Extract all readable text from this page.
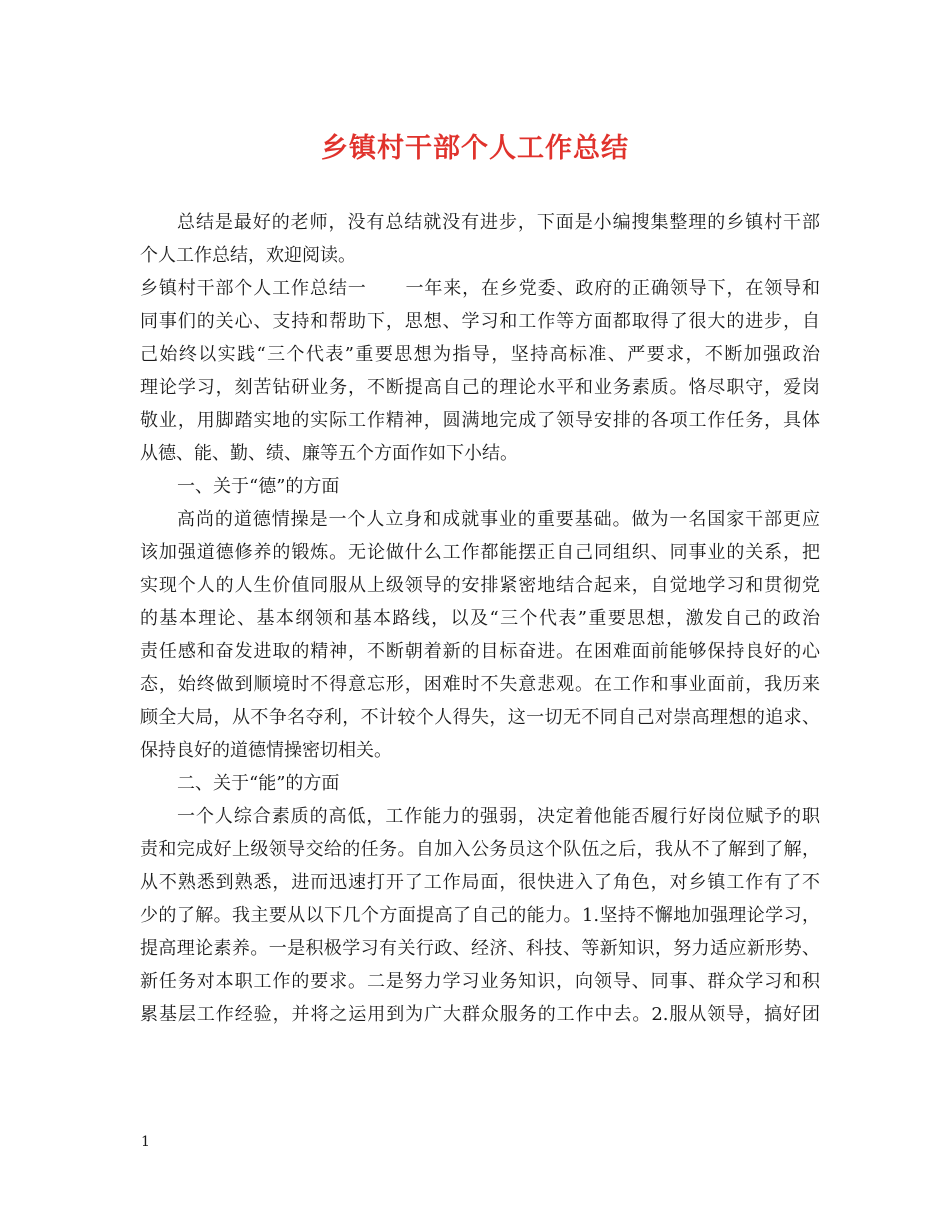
乡镇村干部个人工作总结
总结是最好的老师，没有总结就没有进步，下面是小编搜集整理的乡镇村干部
个人工作总结，欢迎阅读。
乡镇村干部个人工作总结一 一年来，在乡党委、政府的正确领导下，在领导和
同事们的关心、支持和帮助下，思想、学习和工作等方面都取得了很大的进步，自
己始终以实践“三个代表”重要思想为指导，坚持高标准、严要求，不断加强政治
理论学习，刻苦钻研业务，不断提高自己的理论水平和业务素质。恪尽职守，爱岗
敬业，用脚踏实地的实际工作精神，圆满地完成了领导安排的各项工作任务，具体
从德、能、勤、绩、廉等五个方面作如下小结。
一、关于“德”的方面
高尚的道德情操是一个人立身和成就事业的重要基础。做为一名国家干部更应
该加强道德修养的锻炼。无论做什么工作都能摆正自己同组织、同事业的关系，把
实现个人的人生价值同服从上级领导的安排紧密地结合起来，自觉地学习和贯彻党
的基本理论、基本纲领和基本路线，以及“三个代表”重要思想，激发自己的政治
责任感和奋发进取的精神，不断朝着新的目标奋进。在困难面前能够保持良好的心
态，始终做到顺境时不得意忘形，困难时不失意悲观。在工作和事业面前，我历来
顾全大局，从不争名夺利，不计较个人得失，这一切无不同自己对崇高理想的追求、
保持良好的道德情操密切相关。
二、关于“能”的方面
一个人综合素质的高低，工作能力的强弱，决定着他能否履行好岗位赋予的职
责和完成好上级领导交给的任务。自加入公务员这个队伍之后，我从不了解到了解，
从不熟悉到熟悉，进而迅速打开了工作局面，很快进入了角色，对乡镇工作有了不
少的了解。我主要从以下几个方面提高了自己的能力。1.坚持不懈地加强理论学习，
提高理论素养。一是积极学习有关行政、经济、科技、等新知识，努力适应新形势、
新任务对本职工作的要求。二是努力学习业务知识，向领导、同事、群众学习和积
累基层工作经验，并将之运用到为广大群众服务的工作中去。2.服从领导，搞好团
1
